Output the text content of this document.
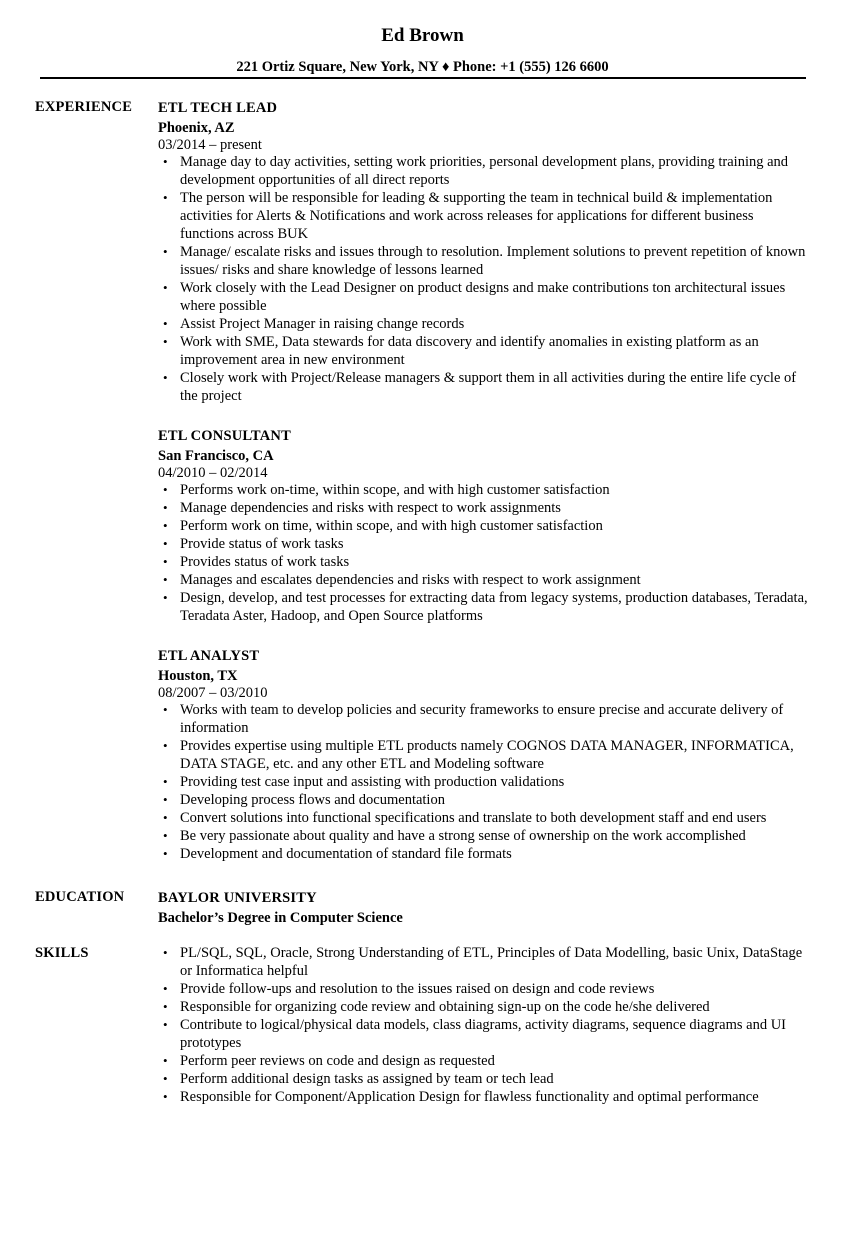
Ed Brown
221 Ortiz Square, New York, NY ♦ Phone: +1 (555) 126 6600
EXPERIENCE ETL TECH LEAD
Phoenix, AZ
03/2014 – present
• Manage day to day activities, setting work priorities, personal development plans, providing training and development opportunities of all direct reports
• The person will be responsible for leading & supporting the team in technical build & implementation activities for Alerts & Notifications and work across releases for applications for different business functions across BUK
• Manage/ escalate risks and issues through to resolution. Implement solutions to prevent repetition of known issues/ risks and share knowledge of lessons learned
• Work closely with the Lead Designer on product designs and make contributions ton architectural issues where possible
• Assist Project Manager in raising change records
• Work with SME, Data stewards for data discovery and identify anomalies in existing platform as an improvement area in new environment
• Closely work with Project/Release managers & support them in all activities during the entire life cycle of the project
ETL CONSULTANT
San Francisco, CA
04/2010 – 02/2014
• Performs work on-time, within scope, and with high customer satisfaction
• Manage dependencies and risks with respect to work assignments
• Perform work on time, within scope, and with high customer satisfaction
• Provide status of work tasks
• Provides status of work tasks
• Manages and escalates dependencies and risks with respect to work assignment
• Design, develop, and test processes for extracting data from legacy systems, production databases, Teradata, Teradata Aster, Hadoop, and Open Source platforms
ETL ANALYST
Houston, TX
08/2007 – 03/2010
• Works with team to develop policies and security frameworks to ensure precise and accurate delivery of information
• Provides expertise using multiple ETL products namely COGNOS DATA MANAGER, INFORMATICA, DATA STAGE, etc. and any other ETL and Modeling software
• Providing test case input and assisting with production validations
• Developing process flows and documentation
• Convert solutions into functional specifications and translate to both development staff and end users
• Be very passionate about quality and have a strong sense of ownership on the work accomplished
• Development and documentation of standard file formats
EDUCATION BAYLOR UNIVERSITY
Bachelor’s Degree in Computer Science
SKILLS
•	PL/SQL, SQL, Oracle, Strong Understanding of ETL, Principles of Data Modelling, basic Unix, DataStage or Informatica helpful
• Provide follow-ups and resolution to the issues raised on design and code reviews
• Responsible for organizing code review and obtaining sign-up on the code he/she delivered
• Contribute to logical/physical data models, class diagrams, activity diagrams, sequence diagrams and UI prototypes
• Perform peer reviews on code and design as requested
• Perform additional design tasks as assigned by team or tech lead
• Responsible for Component/Application Design for flawless functionality and optimal performance
